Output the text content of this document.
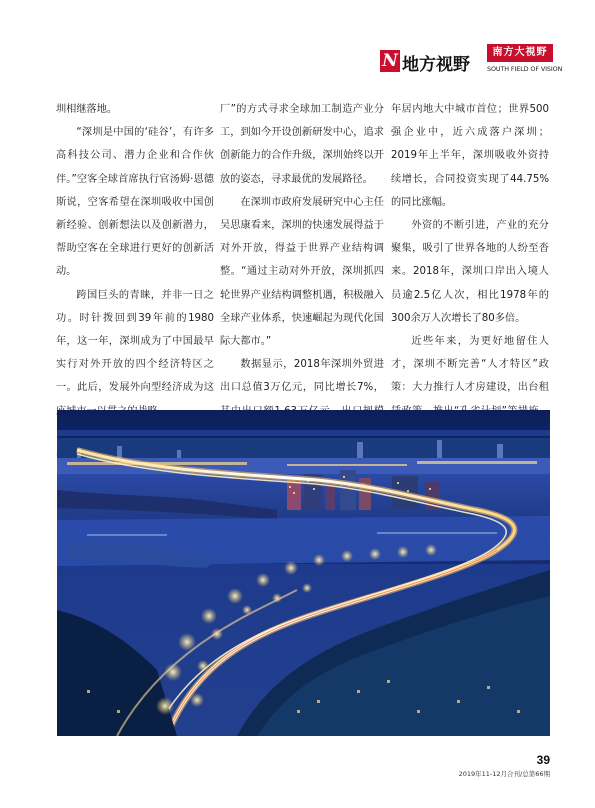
N 地方视野
南方大視野
SOUTH FIELD OF VISION

圳相继落地。

“深圳是中国的‘硅谷’，有许多高科技公司、潜力企业和合作伙伴。”空客全球首席执行官汤姆·恩德斯说，空客希望在深圳吸收中国创新经验、创新想法以及创新潜力，帮助空客在全球进行更好的创新活动。

跨国巨头的青睐，并非一日之功。时针拨回到39年前的1980年，这一年，深圳成为了中国最早实行对外开放的四个经济特区之一。此后，发展外向型经济成为这

厂”的方式寻求全球加工制造产业分工，到如今开设创新研发中心，追求创新能力的合作升级，深圳始终以开放的姿态，寻求最优的发展路径。

在深圳市政府发展研究中心主任吴思康看来，深圳的快速发展得益于对外开放，得益于世界产业结构调整。“通过主动对外开放，深圳抓四轮世界产业结构调整机遇，积极融入全球产业体系，快速崛起为现代化国际大都市。”

数据显示，2018年深圳外贸进出口总值3万亿元，同比增长7%，

年居内地大中城市首位；世界500强企业中，近六成落户深圳；2019年上半年，深圳吸收外资持续增长，合同投资实现了44.75%的同比涨幅。

外资的不断引进，产业的充分聚集，吸引了世界各地的人纷至沓来。2018年，深圳口岸出入境人员逾2.5亿人次，相比1978年的300余万人次增长了80多倍。

近些年来，为更好地留住人才，深圳不断完善“人才特区”政策：大力推行人才房建设，出台租

39
2019年11-12月合刊/总第66期
